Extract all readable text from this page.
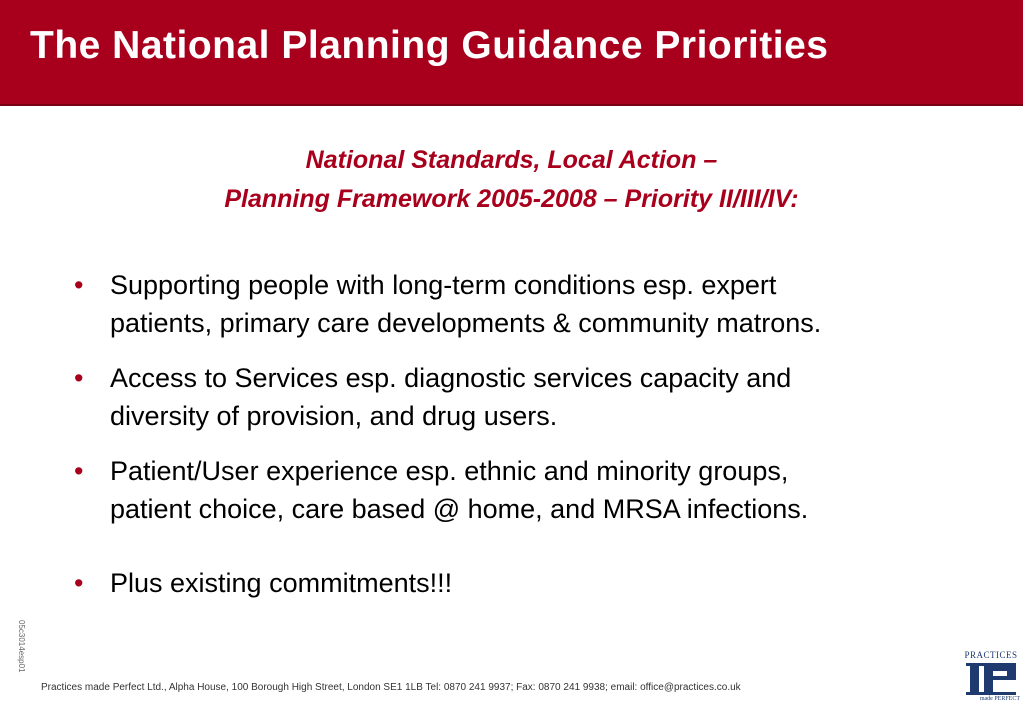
The National Planning Guidance Priorities
National Standards, Local Action –
Planning Framework 2005-2008 – Priority II/III/IV:
• Supporting people with long-term conditions esp. expert
patients, primary care developments & community matrons.
• Access to Services esp. diagnostic services capacity and
diversity of provision, and drug users.
• Patient/User experience esp. ethnic and minority groups,
patient choice, care based @ home, and MRSA infections.
• Plus existing commitments!!!
05c3014esp01
Practices made Perfect Ltd., Alpha House, 100 Borough High Street, London SE1 1LB Tel: 0870 241 9937; Fax: 0870 241 9938; email: office@practices.co.uk
PRACTICES
made PERFECT
